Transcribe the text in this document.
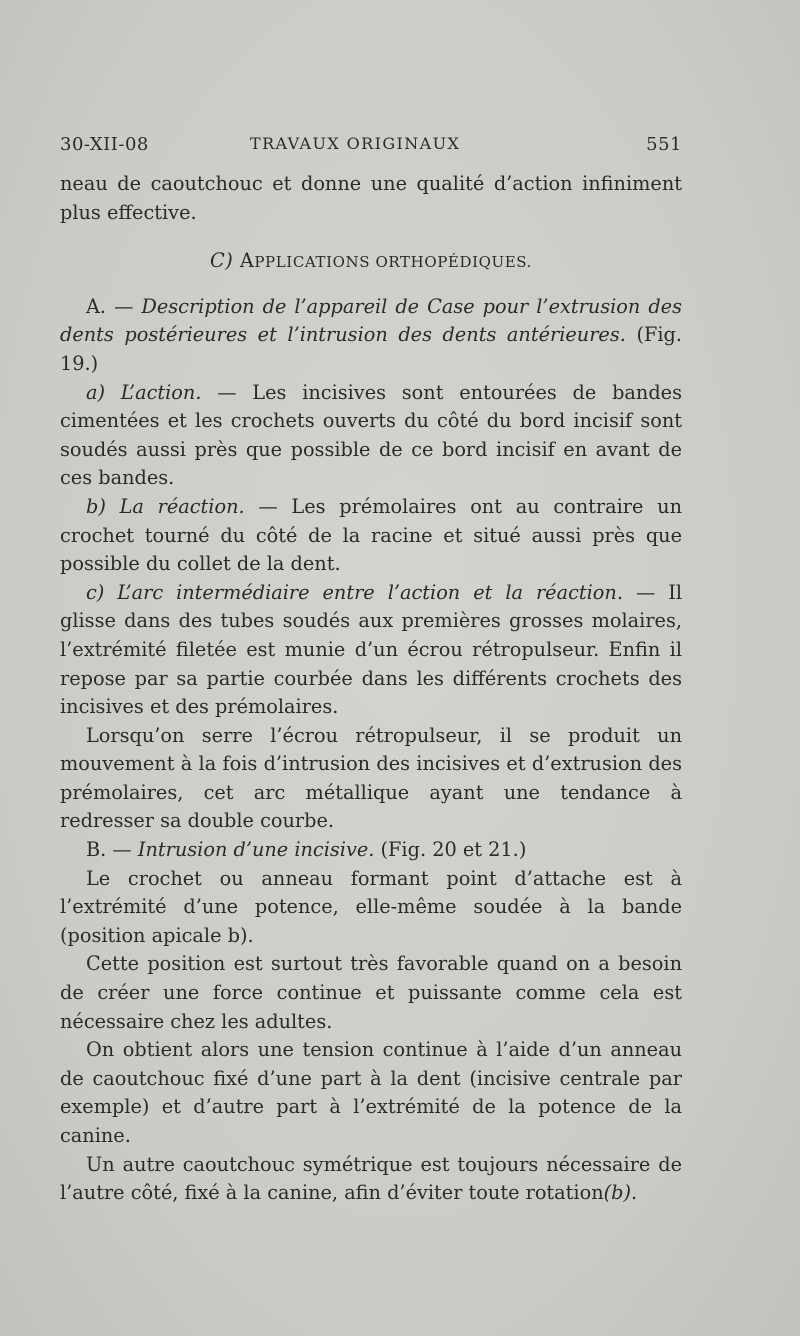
30-XII-08	TRAVAUX ORIGINAUX	551

neau de caoutchouc et donne une qualité d’action infiniment plus effective.

C) APPLICATIONS ORTHOPÉDIQUES.

A. — Description de l’appareil de Case pour l’extrusion des dents postérieures et l’intrusion des dents antérieures. (Fig. 19.)

a) L’action. — Les incisives sont entourées de bandes cimentées et les crochets ouverts du côté du bord incisif sont soudés aussi près que possible de ce bord incisif en avant de ces bandes.

b) La réaction. — Les prémolaires ont au contraire un crochet tourné du côté de la racine et situé aussi près que possible du collet de la dent.

c) L’arc intermédiaire entre l’action et la réaction. — Il glisse dans des tubes soudés aux premières grosses molaires, l’extrémité filetée est munie d’un écrou rétropulseur. Enfin il repose par sa partie courbée dans les différents crochets des incisives et des prémolaires.

Lorsqu’on serre l’écrou rétropulseur, il se produit un mouvement à la fois d’intrusion des incisives et d’extrusion des prémolaires, cet arc métallique ayant une tendance à redresser sa double courbe.

B. — Intrusion d’une incisive. (Fig. 20 et 21.)

Le crochet ou anneau formant point d’attache est à l’extrémité d’une potence, elle-même soudée à la bande (position apicale b).

Cette position est surtout très favorable quand on a besoin de créer une force continue et puissante comme cela est nécessaire chez les adultes.

On obtient alors une tension continue à l’aide d’un anneau de caoutchouc fixé d’une part à la dent (incisive centrale par exemple) et d’autre part à l’extrémité de la potence de la canine.

Un autre caoutchouc symétrique est toujours nécessaire de l’autre côté, fixé à la canine, afin d’éviter toute rotation(b).
